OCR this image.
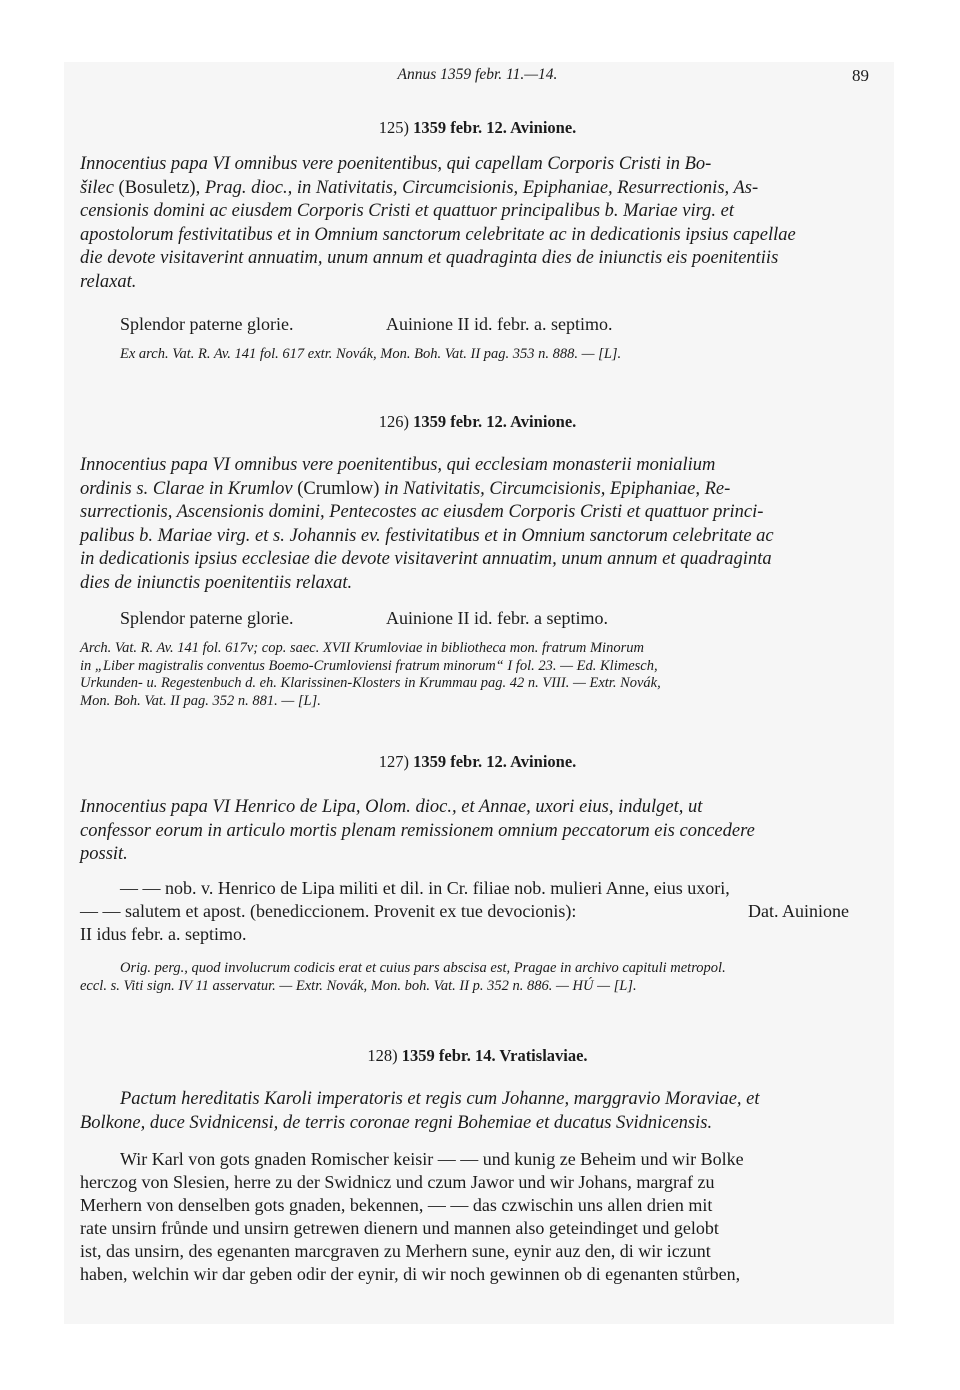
Annus 1359 febr. 11.—14.	89
125) 1359 febr. 12. Avinione.
Innocentius papa VI omnibus vere poenitentibus, qui capellam Corporis Cristi in Bo-
šilec (Bosuletz), Prag. dioc., in Nativitatis, Circumcisionis, Epiphaniae, Resurrectionis, As-
censionis domini ac eiusdem Corporis Cristi et quattuor principalibus b. Mariae virg. et
apostolorum festivitatibus et in Omnium sanctorum celebritate ac in dedicationis ipsius capellae
die devote visitaverint annuatim, unum annum et quadraginta dies de iniunctis eis poenitentiis
relaxat.
Splendor paterne glorie.	Auinione II id. febr. a. septimo.
Ex arch. Vat. R. Av. 141 fol. 617 extr. Novák, Mon. Boh. Vat. II pag. 353 n. 888. — [L].
126) 1359 febr. 12. Avinione.
Innocentius papa VI omnibus vere poenitentibus, qui ecclesiam monasterii monialium
ordinis s. Clarae in Krumlov (Crumlow) in Nativitatis, Circumcisionis, Epiphaniae, Re-
surrectionis, Ascensionis domini, Pentecostes ac eiusdem Corporis Cristi et quattuor princi-
palibus b. Mariae virg. et s. Johannis ev. festivitatibus et in Omnium sanctorum celebritate ac
in dedicationis ipsius ecclesiae die devote visitaverint annuatim, unum annum et quadraginta
dies de iniunctis poenitentiis relaxat.
Splendor paterne glorie.	Auinione II id. febr. a septimo.
Arch. Vat. R. Av. 141 fol. 617v; cop. saec. XVII Krumloviae in bibliotheca mon. fratrum Minorum
in „Liber magistralis conventus Boemo-Crumloviensi fratrum minorum“ I fol. 23. — Ed. Klimesch,
Urkunden- u. Regestenbuch d. eh. Klarissinen-Klosters in Krummau pag. 42 n. VIII. — Extr. Novák,
Mon. Boh. Vat. II pag. 352 n. 881. — [L].
127) 1359 febr. 12. Avinione.
Innocentius papa VI Henrico de Lipa, Olom. dioc., et Annae, uxori eius, indulget, ut
confessor eorum in articulo mortis plenam remissionem omnium peccatorum eis concedere
possit.
— — nob. v. Henrico de Lipa militi et dil. in Cr. filiae nob. mulieri Anne, eius uxori,
— — salutem et apost. (benediccionem. Provenit ex tue devocionis):	Dat. Auinione
II idus febr. a. septimo.
Orig. perg., quod involucrum codicis erat et cuius pars abscisa est, Pragae in archivo capituli metropol.
eccl. s. Viti sign. IV 11 asservatur. — Extr. Novák, Mon. boh. Vat. II p. 352 n. 886. — HÚ — [L].
128) 1359 febr. 14. Vratislaviae.
Pactum hereditatis Karoli imperatoris et regis cum Johanne, marggravio Moraviae, et
Bolkone, duce Svidnicensi, de terris coronae regni Bohemiae et ducatus Svidnicensis.
Wir Karl von gots gnaden Romischer keisir — — und kunig ze Beheim und wir Bolke
herczog von Slesien, herre zu der Swidnicz und czum Jawor und wir Johans, margraf zu
Merhern von denselben gots gnaden, bekennen, — — das czwischin uns allen drien mit
rate unsirn frůnde und unsirn getrewen dienern und mannen also geteindinget und gelobt
ist, das unsirn, des egenanten marcgraven zu Merhern sune, eynir auz den, di wir iczunt
haben, welchin wir dar geben odir der eynir, di wir noch gewinnen ob di egenanten stůrben,
